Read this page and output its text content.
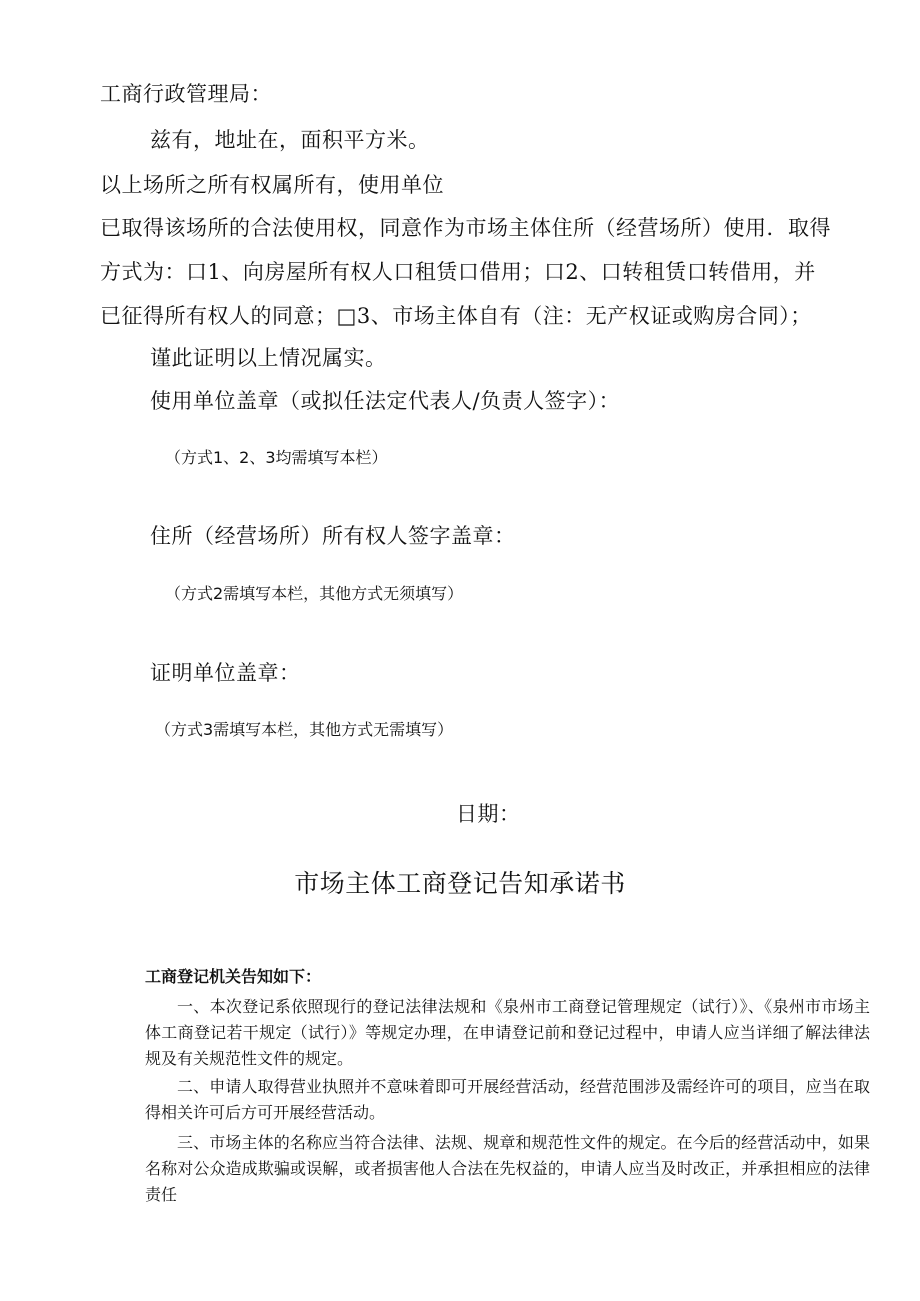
工商行政管理局：
兹有，地址在，面积平方米。
以上场所之所有权属所有，使用单位
已取得该场所的合法使用权，同意作为市场主体住所（经营场所）使用．取得
方式为：口1、向房屋所有权人口租赁口借用；口2、口转租赁口转借用，并
已征得所有权人的同意；□3、市场主体自有（注：无产权证或购房合同）；
谨此证明以上情况属实。
使用单位盖章（或拟任法定代表人/负责人签字）：
（方式1、2、3均需填写本栏）
住所（经营场所）所有权人签字盖章：
（方式2需填写本栏，其他方式无须填写）
证明单位盖章：
（方式3需填写本栏，其他方式无需填写）
日期：
市场主体工商登记告知承诺书
工商登记机关告知如下：

一、本次登记系依照现行的登记法律法规和《泉州市工商登记管理规定（试行）》、《泉州市市场主体工商登记若干规定（试行）》等规定办理，在申请登记前和登记过程中，申请人应当详细了解法律法规及有关规范性文件的规定。

二、申请人取得营业执照并不意味着即可开展经营活动，经营范围涉及需经许可的项目，应当在取得相关许可后方可开展经营活动。

三、市场主体的名称应当符合法律、法规、规章和规范性文件的规定。在今后的经营活动中，如果名称对公众造成欺骗或误解，或者损害他人合法在先权益的，申请人应当及时改正，并承担相应的法律责任
